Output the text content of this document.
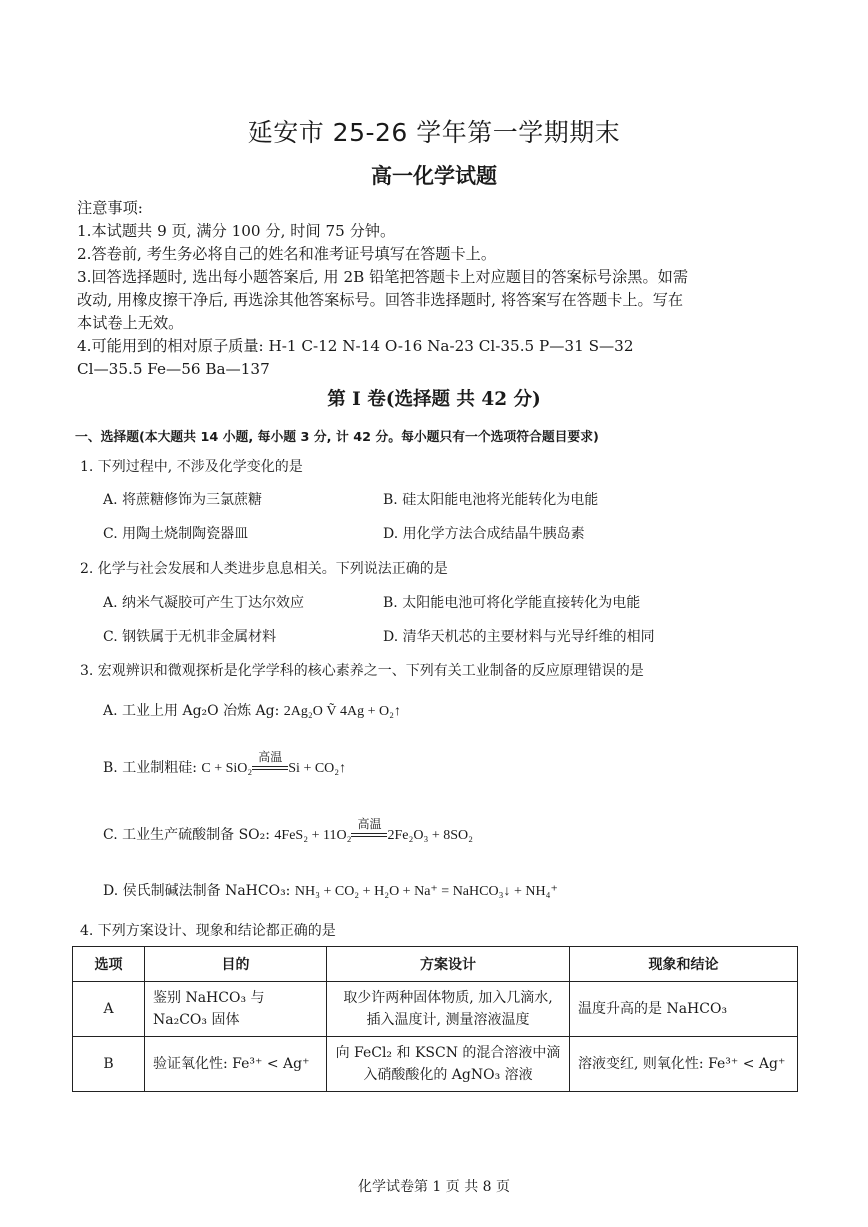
延安市 25-26 学年第一学期期末
高一化学试题
注意事项:
1.本试题共 9 页, 满分 100 分, 时间 75 分钟。
2.答卷前, 考生务必将自己的姓名和准考证号填写在答题卡上。
3.回答选择题时, 选出每小题答案后, 用 2B 铅笔把答题卡上对应题目的答案标号涂黑。如需
改动, 用橡皮擦干净后, 再选涂其他答案标号。回答非选择题时, 将答案写在答题卡上。写在
本试卷上无效。
4.可能用到的相对原子质量: H-1 C-12 N-14 O-16 Na-23 Cl-35.5 P—31 S—32
Cl—35.5 Fe—56 Ba—137
第 I 卷(选择题 共 42 分)
一、选择题(本大题共 14 小题, 每小题 3 分, 计 42 分。每小题只有一个选项符合题目要求)
1. 下列过程中, 不涉及化学变化的是
A. 将蔗糖修饰为三氯蔗糖	B. 硅太阳能电池将光能转化为电能
C. 用陶土烧制陶瓷器皿	D. 用化学方法合成结晶牛胰岛素
2. 化学与社会发展和人类进步息息相关。下列说法正确的是
A. 纳米气凝胶可产生丁达尔效应	B. 太阳能电池可将化学能直接转化为电能
C. 钢铁属于无机非金属材料	D. 清华天机芯的主要材料与光导纤维的相同
3. 宏观辨识和微观探析是化学学科的核心素养之一、下列有关工业制备的反应原理错误的是
A. 工业上用 Ag₂O 冶炼 Ag: 2Ag₂O Ṽ 4Ag + O₂↑
B. 工业制粗硅: C + SiO₂
高温
Si + CO₂↑
C. 工业生产硫酸制备 SO₂: 4FeS₂ + 11O₂
高温
2Fe₂O₃ + 8SO₂
D. 侯氏制碱法制备 NaHCO₃: NH₃ + CO₂ + H₂O + Na⁺ = NaHCO₃↓ + NH₄⁺
4. 下列方案设计、现象和结论都正确的是
选项	目的	方案设计	现象和结论
A	鉴别 NaHCO₃ 与 Na₂CO₃ 固体	取少许两种固体物质, 加入几滴水, 插入温度计, 测量溶液温度	温度升高的是 NaHCO₃
B	验证氧化性: Fe³⁺ < Ag⁺	向 FeCl₂ 和 KSCN 的混合溶液中滴入硝酸酸化的 AgNO₃ 溶液	溶液变红, 则氧化性: Fe³⁺ < Ag⁺
化学试卷第 1 页 共 8 页
